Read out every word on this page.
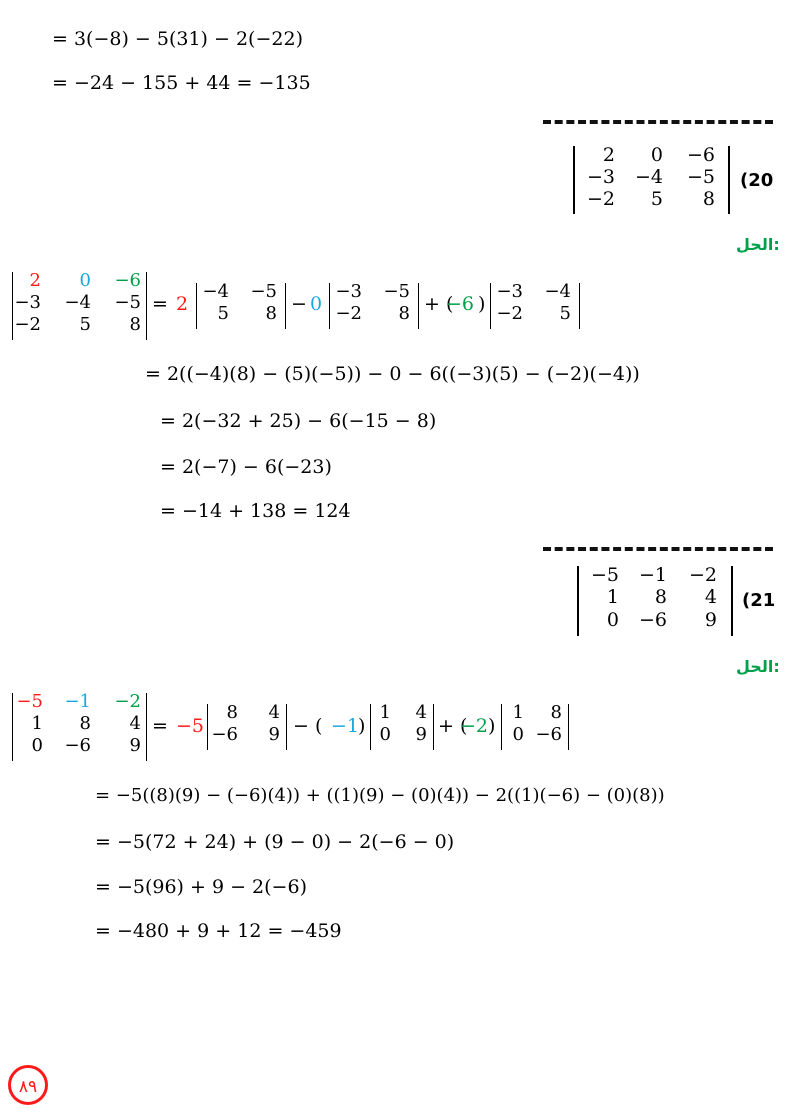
= 3(−8) − 5(31) − 2(−22)
= −24 − 155 + 44 = −135
2	0	−6
−3	−4	−5
−2	5	8
(20
الحل:
2	0	−6
−3	−4	−5
−2	5	8
= 2
−4	−5
5	8 − 0
−3	−5
−2	8 + (
−6 )
−3	−4
−2	5
= 2((−4)(8) − (5)(−5)) − 0 − 6((−3)(5) − (−2)(−4))
= 2(−32 + 25) − 6(−15 − 8)
= 2(−7) − 6(−23)
= −14 + 138 = 124
−5	−1	−2
1	8	4
0	−6	9
(21
الحل:
−5	−1	−2
1	8	4
0	−6	9
= −5
8	4
−6	9 − ( −1
)
1	4
0	9 + (
−2 )
1	8
0 −6
= −5((8)(9) − (−6)(4)) + ((1)(9) − (0)(4)) − 2((1)(−6) − (0)(8))
= −5(72 + 24) + (9 − 0) − 2(−6 − 0)
= −5(96) + 9 − 2(−6)
= −480 + 9 + 12 = −459
٨٩
